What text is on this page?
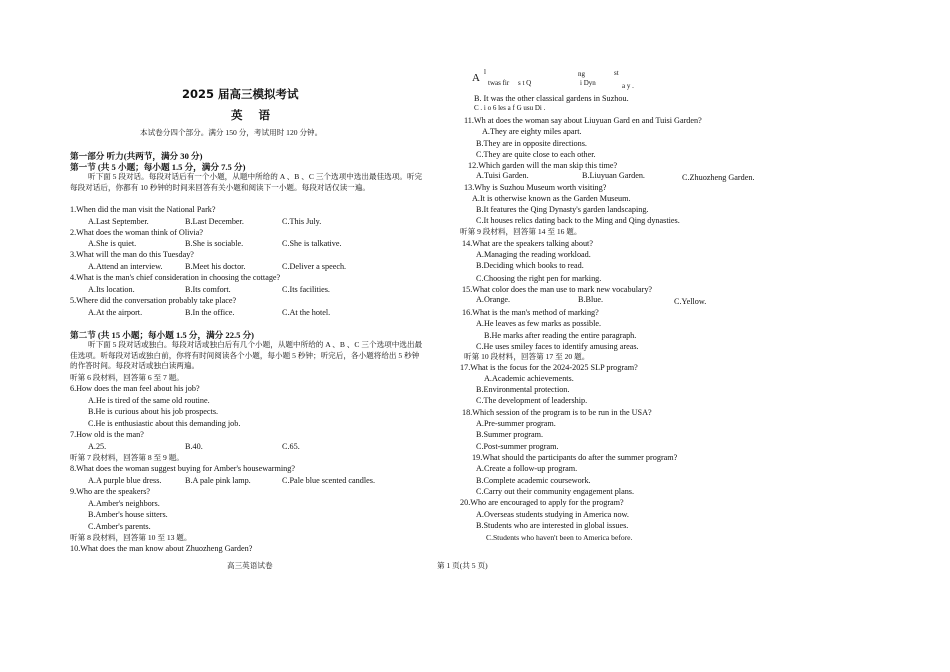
2025 届高三模拟考试
英 语
本试卷分四个部分。满分 150 分，考试用时 120 分钟。
第一部分 听力(共两节，满分 30 分)
第一节 (共 5 小题；每小题 1.5 分，满分 7.5 分)
听下面 5 段对话。每段对话后有一个小题，从题中所给的 A 、B 、C 三个选项中选出最佳选项。听完每段对话后，你都有 10 秒钟的时间来回答有关小题和阅读下一小题。每段对话仅读一遍。
1.When did the man visit the National Park?
A.Last September.	B.Last December.	C.This July.
2.What does the woman think of Olivia?
A.She is quiet.	B.She is sociable.	C.She is talkative.
3.What will the man do this Tuesday?
A.Attend an interview.	B.Meet his doctor.	C.Deliver a speech.
4.What is the man's chief consideration in choosing the cottage?
A.Its location.	B.Its comfort.	C.Its facilities.
5.Where did the conversation probably take place?
A.At the airport.	B.In the office.	C.At the hotel.
第二节 (共 15 小题；每小题 1.5 分，满分 22.5 分)
听下面 5 段对话或独白。每段对话或独白后有几个小题，从题中所给的 A 、B 、C 三个选项中选出最佳选项。听每段对话或独白前，你将有时间阅读各个小题，每小题 5 秒钟；听完后，各小题将给出 5 秒钟的作答时间。每段对话或独白读两遍。
听第 6 段材料，回答第 6 至 7 题。
6.How does the man feel about his job?
A.He is tired of the same old routine.
B.He is curious about his job prospects.
C.He is enthusiastic about this demanding job.
7.How old is the man?
A.25.	B.40.	C.65.
听第 7 段材料，回答第 8 至 9 题。
8.What does the woman suggest buying for Amber's housewarming?
A.A purple blue dress.	B.A pale pink lamp.	C.Pale blue scented candles.
9.Who are the speakers?
A.Amber's neighbors.
B.Amber's house sitters.
C.Amber's parents.
听第 8 段材料，回答第 10 至 13 题。
10.What does the man know about Zhuozheng Garden?
A l
twas fir s t Q
ng
i Dyn
st
a y .
B. It was the other classical gardens in Suzhou.
C . i o 6 les a f G usu Di .
11.Wh at does the woman say about Liuyuan Gard en and Tuisi Garden?
A.They are eighty miles apart.
B.They are in opposite directions.
C.They are quite close to each other.
12.Which garden will the man skip this time?
A.Tuisi Garden.	B.Liuyuan Garden.	C.Zhuozheng Garden.
13.Why is Suzhou Museum worth visiting?
A.It is otherwise known as the Garden Museum.
B.It features the Qing Dynasty's garden landscaping.
C.It houses relics dating back to the Ming and Qing dynasties.
听第 9 段材料，回答第 14 至 16 题。
14.What are the speakers talking about?
A.Managing the reading workload.
B.Deciding which books to read.
C.Choosing the right pen for marking.
15.What color does the man use to mark new vocabulary?
A.Orange.	B.Blue.	C.Yellow.
16.What is the man's method of marking?
A.He leaves as few marks as possible.
B.He marks after reading the entire paragraph.
C.He uses smiley faces to identify amusing areas.
听第 10 段材料，回答第 17 至 20 题。
17.What is the focus for the 2024-2025 SLP program?
A.Academic achievements.
B.Environmental protection.
C.The development of leadership.
18.Which session of the program is to be run in the USA?
A.Pre-summer program.
B.Summer program.
C.Post-summer program.
19.What should the participants do after the summer program?
A.Create a follow-up program.
B.Complete academic coursework.
C.Carry out their community engagement plans.
20.Who are encouraged to apply for the program?
A.Overseas students studying in America now.
B.Students who are interested in global issues.
C.Students who haven't been to America before.
高三英语试卷	第 1 页(共 5 页)
